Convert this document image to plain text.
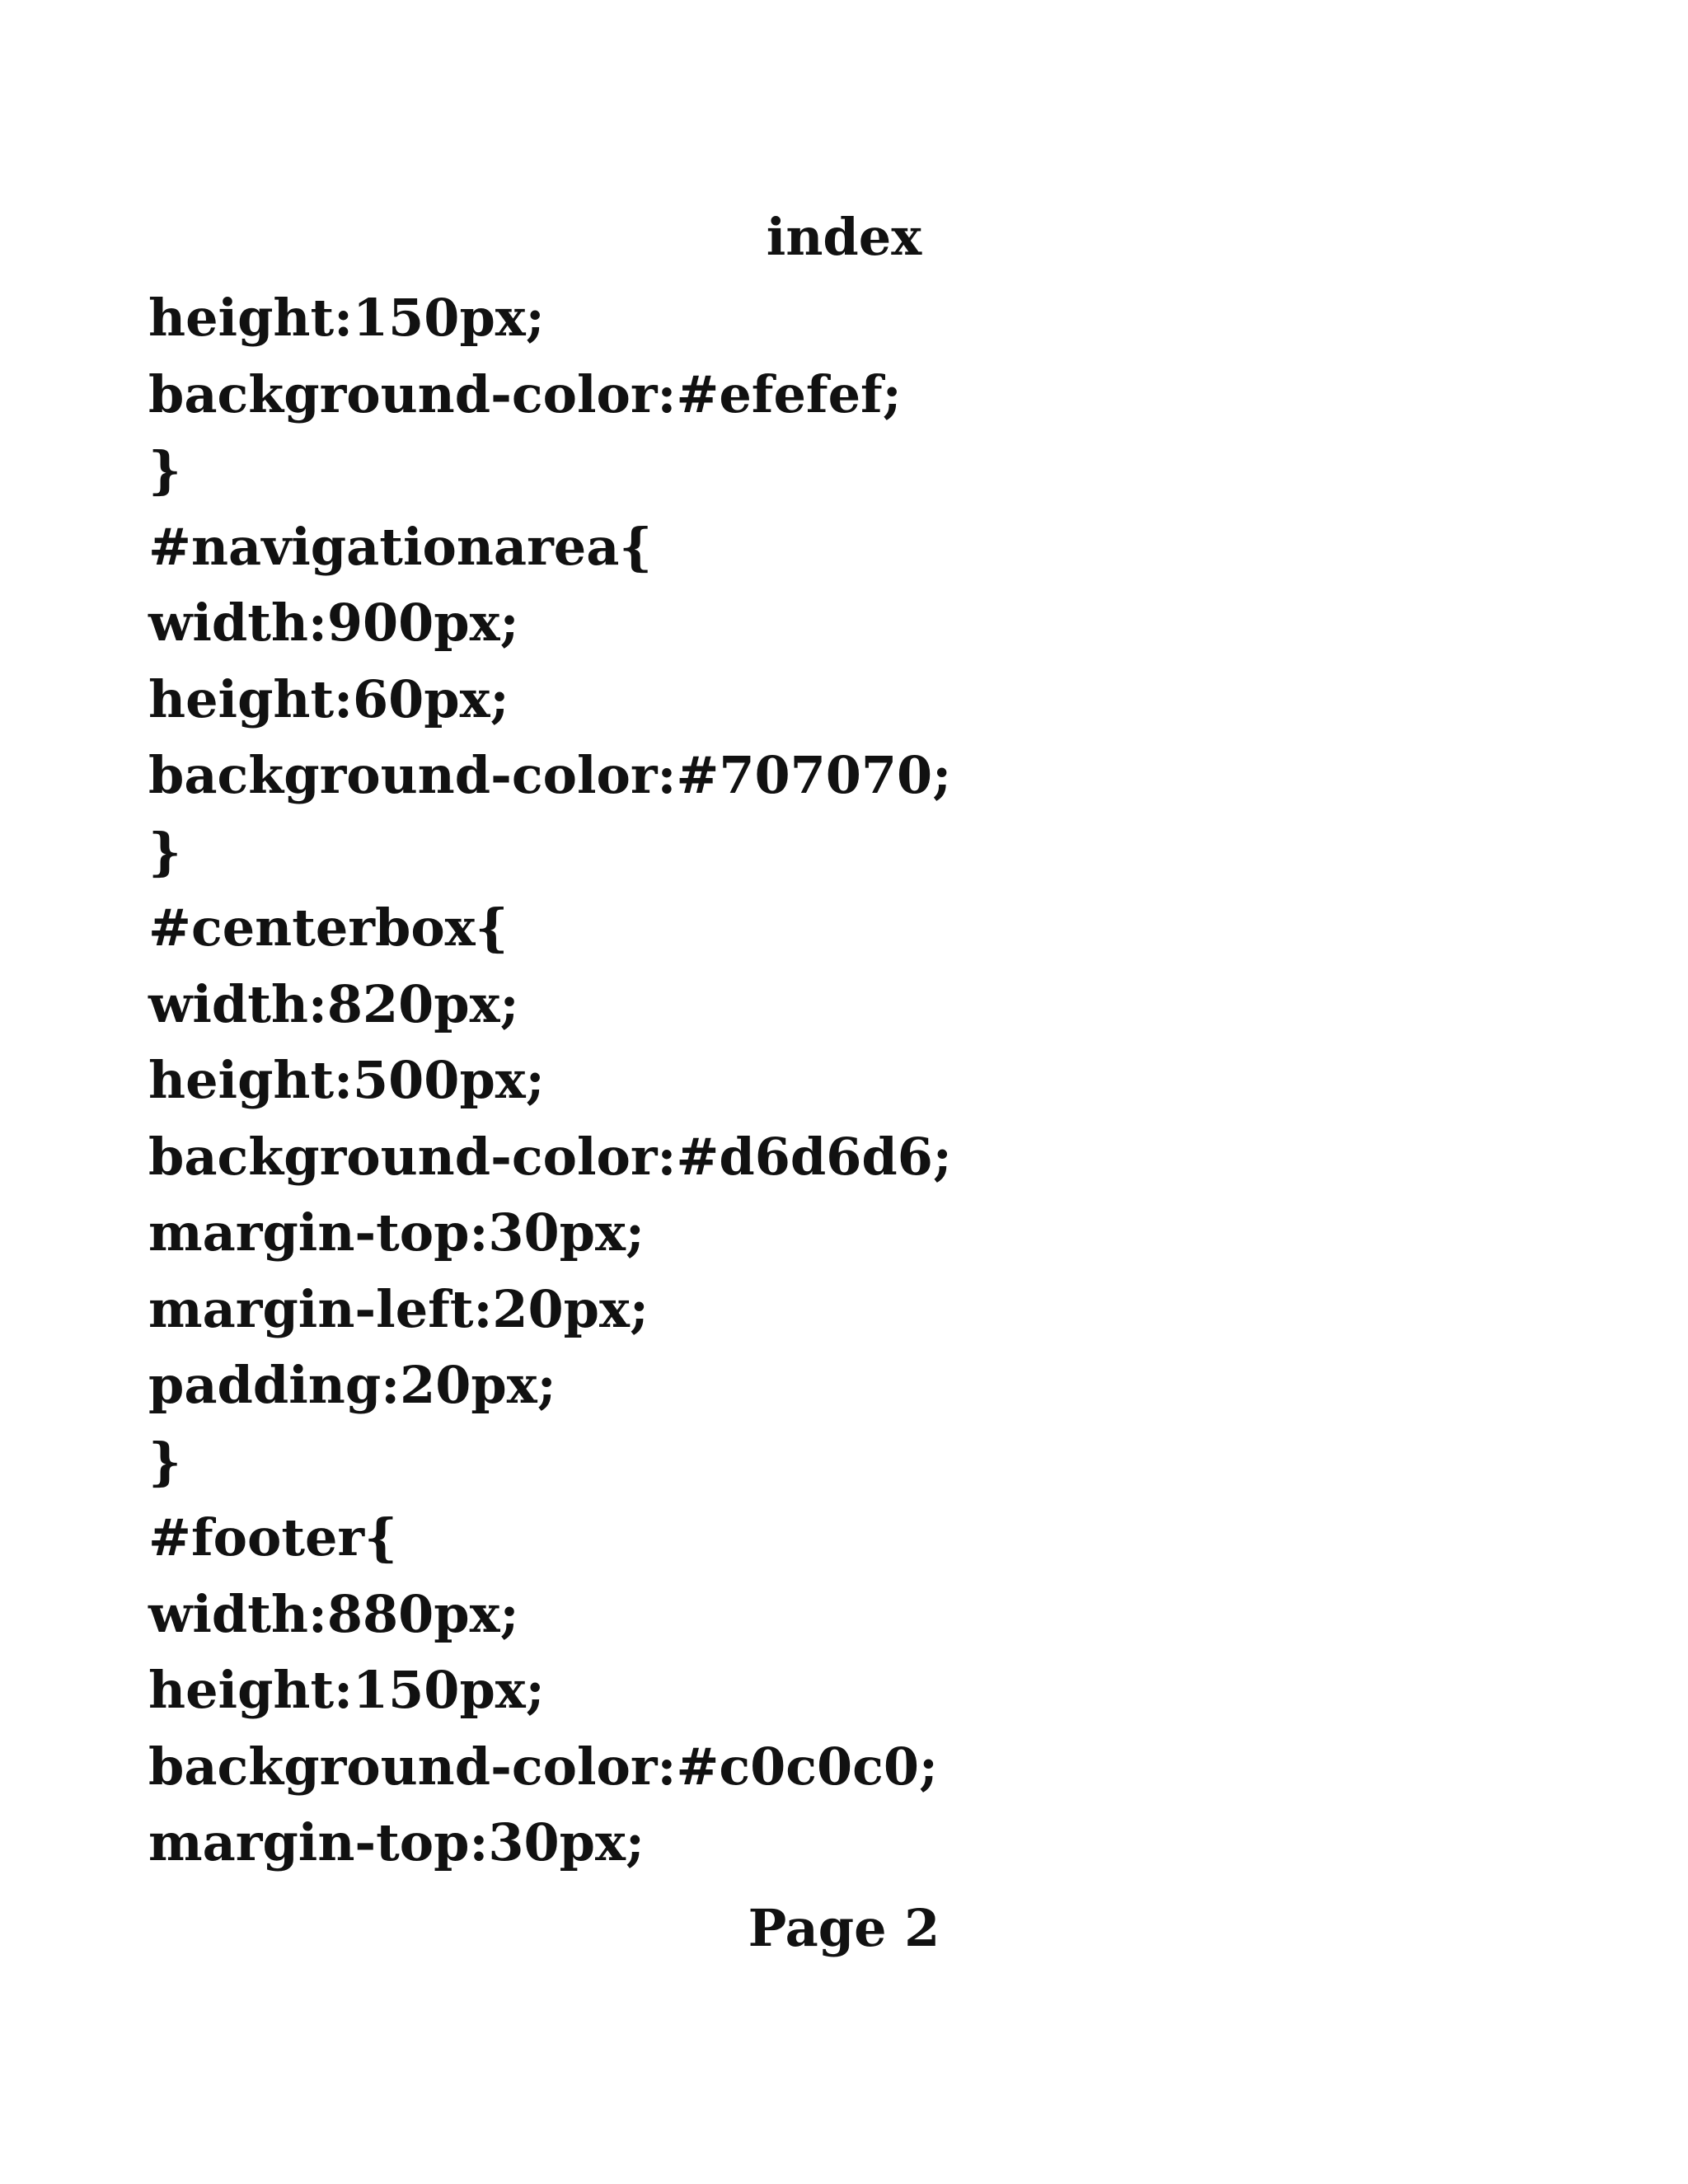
index
height:150px;
background-color:#efefef;
}
#navigationarea{
width:900px;
height:60px;
background-color:#707070;
}
#centerbox{
width:820px;
height:500px;
background-color:#d6d6d6;
margin-top:30px;
margin-left:20px;
padding:20px;
}
#footer{
width:880px;
height:150px;
background-color:#c0c0c0;
margin-top:30px;
Page 2
